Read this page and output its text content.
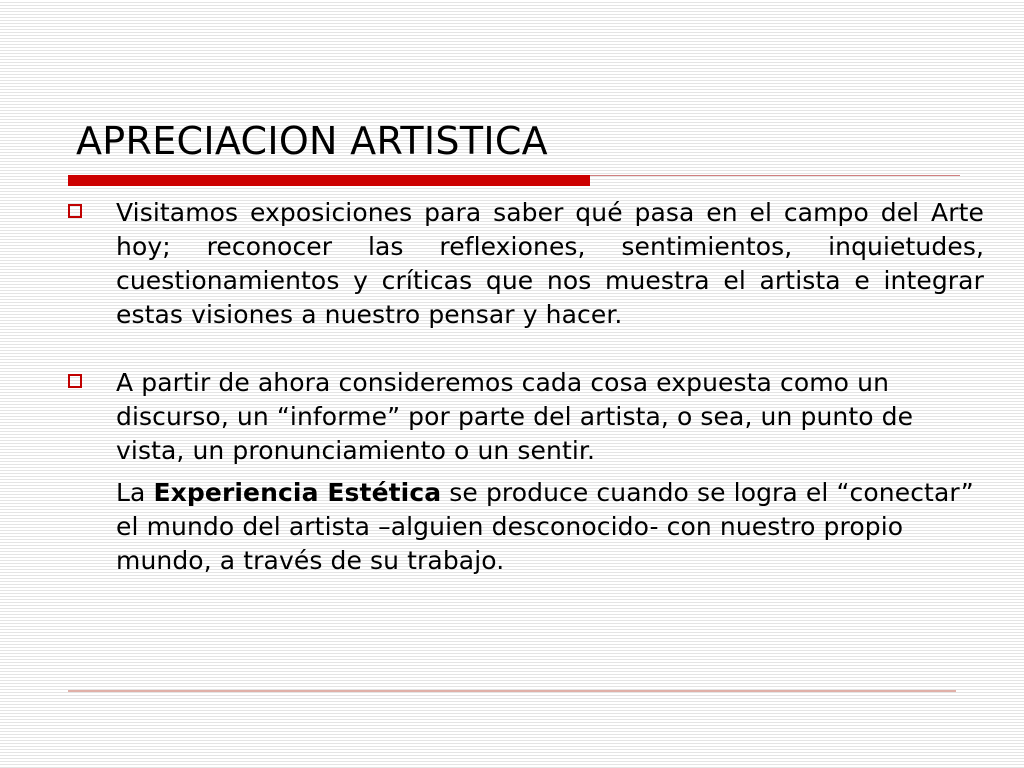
APRECIACION ARTISTICA
Visitamos exposiciones para saber qué pasa en el campo del Arte hoy; reconocer las reflexiones, sentimientos, inquietudes, cuestionamientos y críticas que nos muestra el artista e integrar estas visiones a nuestro pensar y hacer.
A partir de ahora consideremos cada cosa expuesta como un discurso, un “informe” por parte del artista, o sea, un punto de vista, un pronunciamiento o un sentir.

La Experiencia Estética se produce cuando se logra el “conectar” el mundo del artista –alguien desconocido- con nuestro propio mundo, a través de su trabajo.
